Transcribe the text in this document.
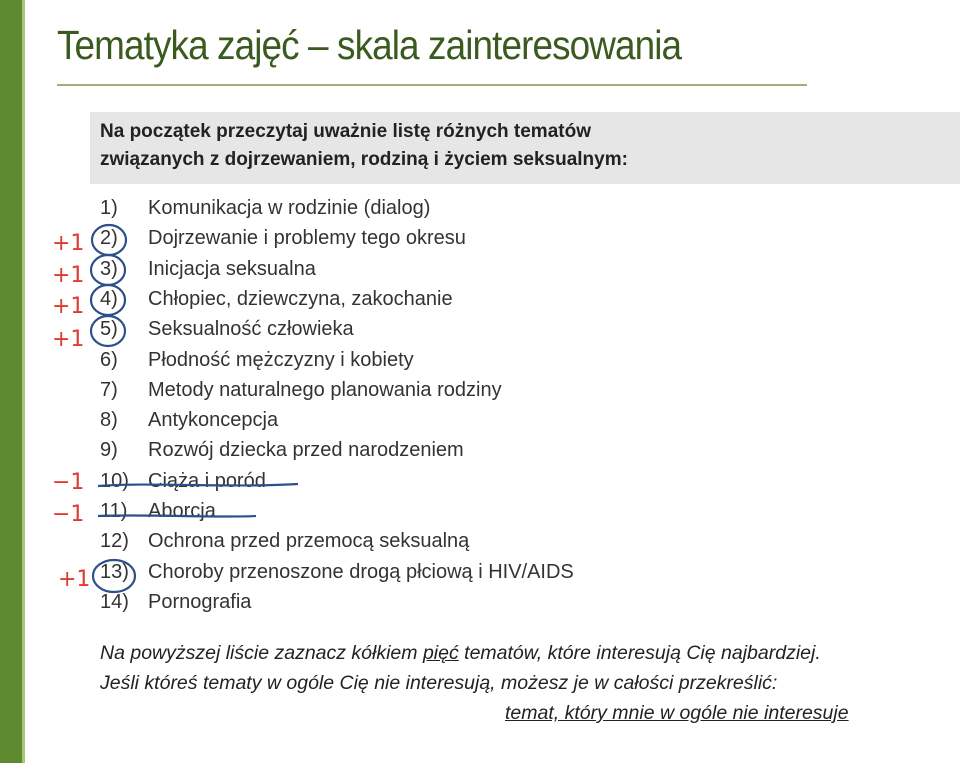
Tematyka zajęć – skala zainteresowania
Na początek przeczytaj uważnie listę różnych tematów
związanych z dojrzewaniem, rodziną i życiem seksualnym:
1)	Komunikacja w rodzinie (dialog)
2)	Dojrzewanie i problemy tego okresu
3)	Inicjacja seksualna
4)	Chłopiec, dziewczyna, zakochanie
5)	Seksualność człowieka
6)	Płodność mężczyzny i kobiety
7)	Metody naturalnego planowania rodziny
8)	Antykoncepcja
9)	Rozwój dziecka przed narodzeniem
10) Ciąża i poród
11)	Aborcja
12) Ochrona przed przemocą seksualną
13) Choroby przenoszone drogą płciową i HIV/AIDS
14) Pornografia
+1
+1
+1
+1
−1
−1
+1
Na powyższej liście zaznacz kółkiem pięć tematów, które interesują Cię najbardziej.
Jeśli któreś tematy w ogóle Cię nie interesują, możesz je w całości przekreślić:
temat, który mnie w ogóle nie interesuje
